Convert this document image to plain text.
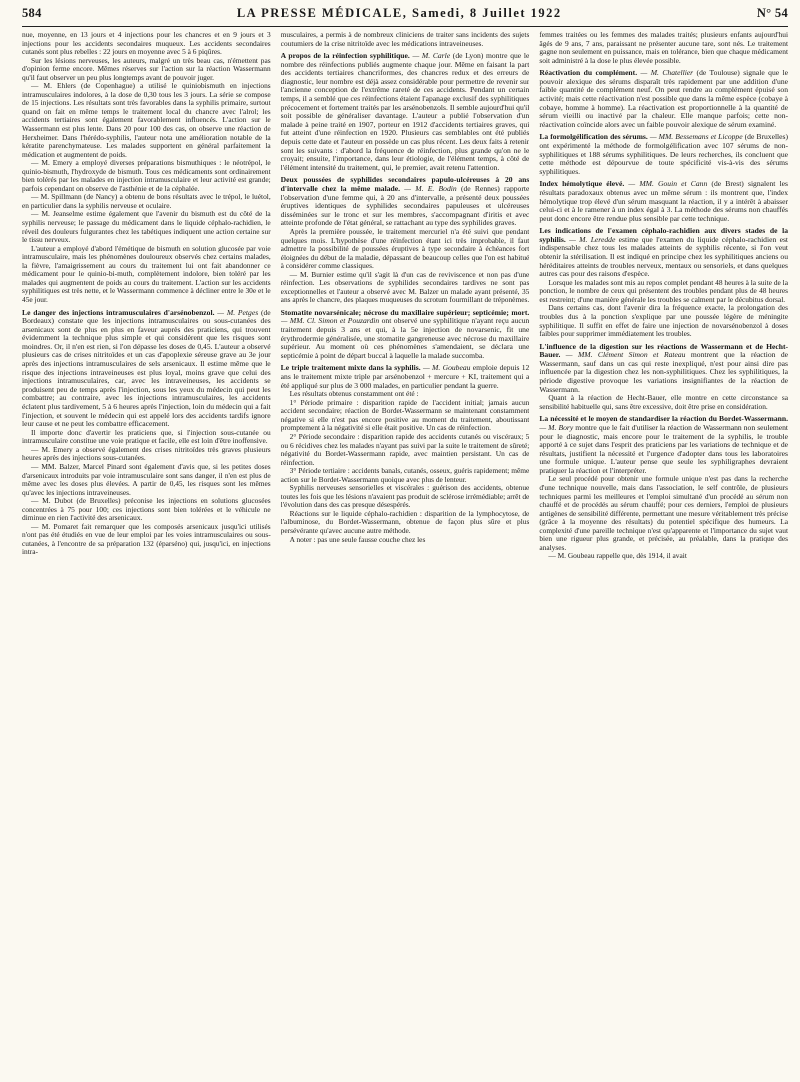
584	LA PRESSE MÉDICALE, Samedi, 8 Juillet 1922	N° 54

nue, moyenne, en 13 jours et 4 injections pour les chancres et en 9 jours et 3 injections pour les accidents secondaires muqueux. Les accidents secondaires cutanés sont plus rebelles : 22 jours en moyenne avec 5 à 6 piqûres.

Sur les lésions nerveuses, les auteurs, malgré un très beau cas, n'émettent pas d'opinion ferme encore. Mêmes réserves sur l'action sur la réaction Wassermann qu'il faut observer un peu plus longtemps avant de pouvoir juger.

— M. Ehlers (de Copenhague) a utilisé le quiniobismuth en injections intramusculaires indolores, à la dose de 0,30 tous les 3 jours. La série se compose de 15 injections. Les résultats sont très favorables dans la syphilis primaire, surtout quand on fait en même temps le traitement local du chancre avec l'alrol; les accidents tertiaires sont également favorablement influencés. L'action sur le Wassermann est plus lente. Dans 20 pour 100 des cas, on observe une réaction de Herxheimer. Dans l'hérédo-syphilis, l'auteur nota une amélioration notable de la kératite parenchymateuse. Les malades supportent en général parfaitement la médication et augmentent de poids.

— M. Emery a employé diverses préparations bismuthiques : le néotrépol, le quinio-bismuth, l'hydroxyde de bismuth. Tous ces médicaments sont ordinairement bien tolérés par les malades en injection intramusculaire et leur activité est grande; parfois cependant on observe de l'asthénie et de la céphalée.

— M. Spillmann (de Nancy) a obtenu de bons résultats avec le trépol, le luétol, en particulier dans la syphilis nerveuse et oculaire.

— M. Jeanselme estime également que l'avenir du bismuth est du côté de la syphilis nerveuse; le passage du médicament dans le liquide céphalo-rachidien, le réveil des douleurs fulgurantes chez les tabétiques indiquent une action certaine sur le tissu nerveux.

L'auteur a employé d'abord l'émétique de bismuth en solution glucosée par voie intramusculaire, mais les phénomènes douloureux observés chez certains malades, la fièvre, l'amaigrissement au cours du traitement lui ont fait abandonner ce médicament pour le quinio-bi-muth, complètement indolore, bien toléré par les malades qui augmentent de poids au cours du traitement. L'action sur les accidents syphilitiques est très nette, et le Wassermann commence à décliner entre le 30e et le 45e jour.

Le danger des injections intramusculaires d'arsénobenzol. — M. Petges (de Bordeaux) constate que les injections intramusculaires ou sous-cutanées des arsenicaux sont de plus en plus en faveur auprès des praticiens, qui trouvent évidemment la technique plus simple et qui considèrent que les risques sont moindres. Or, il n'en est rien, si l'on dépasse les doses de 0,45. L'auteur a observé plusieurs cas de crises nitritoïdes et un cas d'apoplexie séreuse grave au 3e jour après des injections intramusculaires de sels arsenicaux. Il estime même que le risque des injections intraveineuses est plus loyal, moins grave que celui des injections intramusculaires, car, avec les intraveineuses, les accidents se produisent peu de temps après l'injection, sous les yeux du médecin qui peut les combattre; au contraire, avec les injections intramusculaires, les accidents éclatent plus tardivement, 5 à 6 heures après l'injection, loin du médecin qui a fait l'injection, et souvent le médecin qui est appelé lors des accidents tardifs ignore leur cause et ne peut les combattre efficacement.

Il importe donc d'avertir les praticiens que, si l'injection sous-cutanée ou intramusculaire constitue une voie pratique et facile, elle est loin d'être inoffensive.

— M. Emery a observé également des crises nitritoïdes très graves plusieurs heures après des injections sous-cutanées.

— MM. Balzer, Marcel Pinard sont également d'avis que, si les petites doses d'arsenicaux introduits par voie intramusculaire sont sans danger, il n'en est plus de même avec les doses plus élevées. A partir de 0,45, les risques sont les mêmes qu'avec les injections intraveineuses.

— M. Dubot (de Bruxelles) préconise les injections en solutions glucosées concentrées à 75 pour 100; ces injections sont bien tolérées et le véhicule ne diminue en rien l'activité des arsenicaux.

— M. Pomaret fait remarquer que les composés arsenicaux jusqu'ici utilisés n'ont pas été étudiés en vue de leur emploi par les voies intramusculaires ou sous-cutanées, à l'encontre de sa préparation 132 (éparséno) qui, jusqu'ici, en injections intra-

musculaires, a permis à de nombreux cliniciens de traiter sans incidents des sujets coutumiers de la crise nitritoïde avec les médications intraveineuses.

A propos de la réinfection syphilitique. — M. Carle (de Lyon) montre que le nombre des réinfections publiés augmente chaque jour. Même en faisant la part des accidents tertiaires chancriformes, des chancres redux et des erreurs de diagnostic, leur nombre est déjà assez considérable pour permettre de revenir sur l'ancienne conception de l'extrême rareté de ces accidents. Pendant un certain temps, il a semblé que ces réinfections étaient l'apanage exclusif des syphilitiques précocement et fortement traités par les arsénobenzols. Il semble aujourd'hui qu'il soit possible de généraliser davantage. L'auteur a publié l'observation d'un malade à peine traité en 1907, porteur en 1912 d'accidents tertiaires graves, qui fut atteint d'une réinfection en 1920. Plusieurs cas semblables ont été publiés depuis cette date et l'auteur en possède un cas plus récent. Les deux faits à retenir sont les suivants : d'abord la fréquence de réinfection, plus grande qu'on ne le croyait; ensuite, l'importance, dans leur étiologie, de l'élément temps, à côté de l'élément intensité du traitement, qui, le premier, avait retenu l'attention.
Deux poussées de syphilides secondaires papulo-ulcéreuses à 20 ans d'intervalle chez la même malade. — M. E. Bodin (de Rennes) rapporte l'observation d'une femme qui, à 20 ans d'intervalle, a présenté deux poussées éruptives identiques de syphilides secondaires papuleuses et ulcéreuses disséminées sur le tronc et sur les membres, s'accompagnant d'iritis et avec atteinte profonde de l'état général, se rattachant au type des syphilides graves.

Après la première poussée, le traitement mercuriel n'a été suivi que pendant quelques mois. L'hypothèse d'une réinfection étant ici très improbable, il faut admettre la possibilité de poussées éruptives à type secondaire à échéances fort éloignées du début de la maladie, dépassant de beaucoup celles que l'on est habitué à considérer comme classiques.

— M. Burnier estime qu'il s'agit là d'un cas de reviviscence et non pas d'une réinfection. Les observations de syphilides secondaires tardives ne sont pas exceptionnelles et l'auteur a observé avec M. Balzer un malade ayant présenté, 35 ans après le chancre, des plaques muqueuses du scrotum fourmillant de tréponèmes.

Stomatite novarsénicale; nécrose du maxillaire supérieur; septicémie; mort. — MM. Cl. Simon et Pouzardin ont observé une syphilitique n'ayant reçu aucun traitement depuis 3 ans et qui, à la 5e injection de novarsenic, fit une érythrodermie généralisée, une stomatite gangreneuse avec nécrose du maxillaire supérieur. Au moment où ces phénomènes s'amendaient, se déclara une septicémie à point de départ buccal à laquelle la malade succomba.
Le triple traitement mixte dans la syphilis. — M. Goubeau emploie depuis 12 ans le traitement mixte triple par arsénobenzol + mercure + KI, traitement qui a été appliqué sur plus de 3 000 malades, en particulier pendant la guerre.

Les résultats obtenus constamment ont été :

1° Période primaire : disparition rapide de l'accident initial; jamais aucun accident secondaire; réaction de Bordet-Wassermann se maintenant constamment négative si elle n'est pas encore positive au moment du traitement, aboutissant promptement à la négativité si elle était positive. Un cas de réinfection.

2° Période secondaire : disparition rapide des accidents cutanés ou viscéraux; 5 ou 6 récidives chez les malades n'ayant pas suivi par la suite le traitement de sûreté; négativité du Bordet-Wassermann rapide, avec maintien persistant. Un cas de réinfection.

3° Période tertiaire : accidents banals, cutanés, osseux, guéris rapidement; même action sur le Bordet-Wassermann quoique avec plus de lenteur.

Syphilis nerveuses sensorielles et viscérales : guérison des accidents, obtenue toutes les fois que les lésions n'avaient pas produit de sclérose irrémédiable; arrêt de l'évolution dans des cas presque désespérés.

Réactions sur le liquide céphalo-rachidien : disparition de la lymphocytose, de l'albuminose, du Bordet-Wassermann, obtenue de façon plus sûre et plus persévérante qu'avec aucune autre méthode.

A noter : pas une seule fausse couche chez les

femmes traitées ou les femmes des malades traités; plusieurs enfants aujourd'hui âgés de 9 ans, 7 ans, paraissant ne présenter aucune tare, sont nés. Le traitement gagne non seulement en puissance, mais en tolérance, bien que chaque médicament soit administré à la dose le plus élevée possible.

Réactivation du complément. — M. Chatellier (de Toulouse) signale que le pouvoir alexique des sérums disparaît très rapidement par une addition d'une faible quantité de complément neuf. On peut rendre au complément épuisé son activité; mais cette réactivation n'est possible que dans la même espèce (cobaye à cobaye, homme à homme). La réactivation est proportionnelle à la quantité de sérum vieilli ou inactivé par la chaleur. Elle manque parfois; cette non-réactivation coïncide alors avec un faible pouvoir alexique de sérum examiné.
La formolgélification des sérums. — MM. Bessemans et Licoppe (de Bruxelles) ont expérimenté la méthode de formolgélification avec 107 sérums de non-syphilitiques et 188 sérums syphilitiques. De leurs recherches, ils concluent que cette méthode est dépourvue de toute spécificité vis-à-vis des sérums syphilitiques.
Index hémolytique élevé. — MM. Gouin et Cann (de Brest) signalent les résultats paradoxaux obtenus avec un même sérum : ils montrent que, l'index hémolytique trop élevé d'un sérum masquant la réaction, il y a intérêt à abaisser celui-ci et à le ramener à un index égal à 3. La méthode des sérums non chauffés peut donc encore être rendue plus sensible par cette technique.
Les indications de l'examen céphalo-rachidien aux divers stades de la syphilis. — M. Leredde estime que l'examen du liquide céphalo-rachidien est indispensable chez tous les malades atteints de syphilis récente, si l'on veut obtenir la stérilisation. Il est indiqué en principe chez les syphilitiques anciens ou héréditaires atteints de troubles nerveux, mentaux ou sensoriels, et dans quelques autres cas pour des raisons d'espèce.

Lorsque les malades sont mis au repos complet pendant 48 heures à la suite de la ponction, le nombre de ceux qui présentent des troubles pendant plus de 48 heures est restreint; d'une manière générale les troubles se calment par le décubitus dorsal.

Dans certains cas, dont l'avenir dira la fréquence exacte, la prolongation des troubles dus à la ponction s'explique par une poussée légère de méningite syphilitique. Il suffit en effet de faire une injection de novarsénobenzol à doses faibles pour supprimer immédiatement les troubles.

L'influence de la digestion sur les réactions de Wassermann et de Hecht-Bauer. — MM. Clément Simon et Rateau montrent que la réaction de Wassermann, sauf dans un cas qui reste inexpliqué, n'est pour ainsi dire pas influencée par la digestion chez les non-syphilitiques. Chez les syphilitiques, la période digestive provoque les variations insignifiantes de la réaction de Wassermann.

Quant à la réaction de Hecht-Bauer, elle montre en cette circonstance sa sensibilité habituelle qui, sans être excessive, doit être prise en considération.

La nécessité et le moyen de standardiser la réaction du Bordet-Wassermann. — M. Bory montre que le fait d'utiliser la réaction de Wassermann non seulement pour le diagnostic, mais encore pour le traitement de la syphilis, le trouble apporté à ce sujet dans l'esprit des praticiens par les variations de technique et de résultats, justifient la nécessité et l'urgence d'adopter dans tous les laboratoires une formule unique. L'auteur pense que seule les syphiligraphes devraient pratiquer la réaction et l'interpréter.

Le seul procédé pour obtenir une formule unique n'est pas dans la recherche d'une technique nouvelle, mais dans l'association, le self contrôle, de plusieurs techniques parmi les meilleures et l'emploi simultané d'un procédé au sérum non chauffé et de procédés au sérum chauffé; pour ces derniers, l'emploi de plusieurs antigènes de sensibilité différente, permettant une mesure véritablement très précise (grâce à la moyenne des résultats) du potentiel spécifique des humeurs. La complexité d'une pareille technique n'est qu'apparente et l'importance du sujet vaut bien une rigueur plus grande, et précisée, au préalable, dans la pratique des analyses.

— M. Goubeau rappelle que, dès 1914, il avait
